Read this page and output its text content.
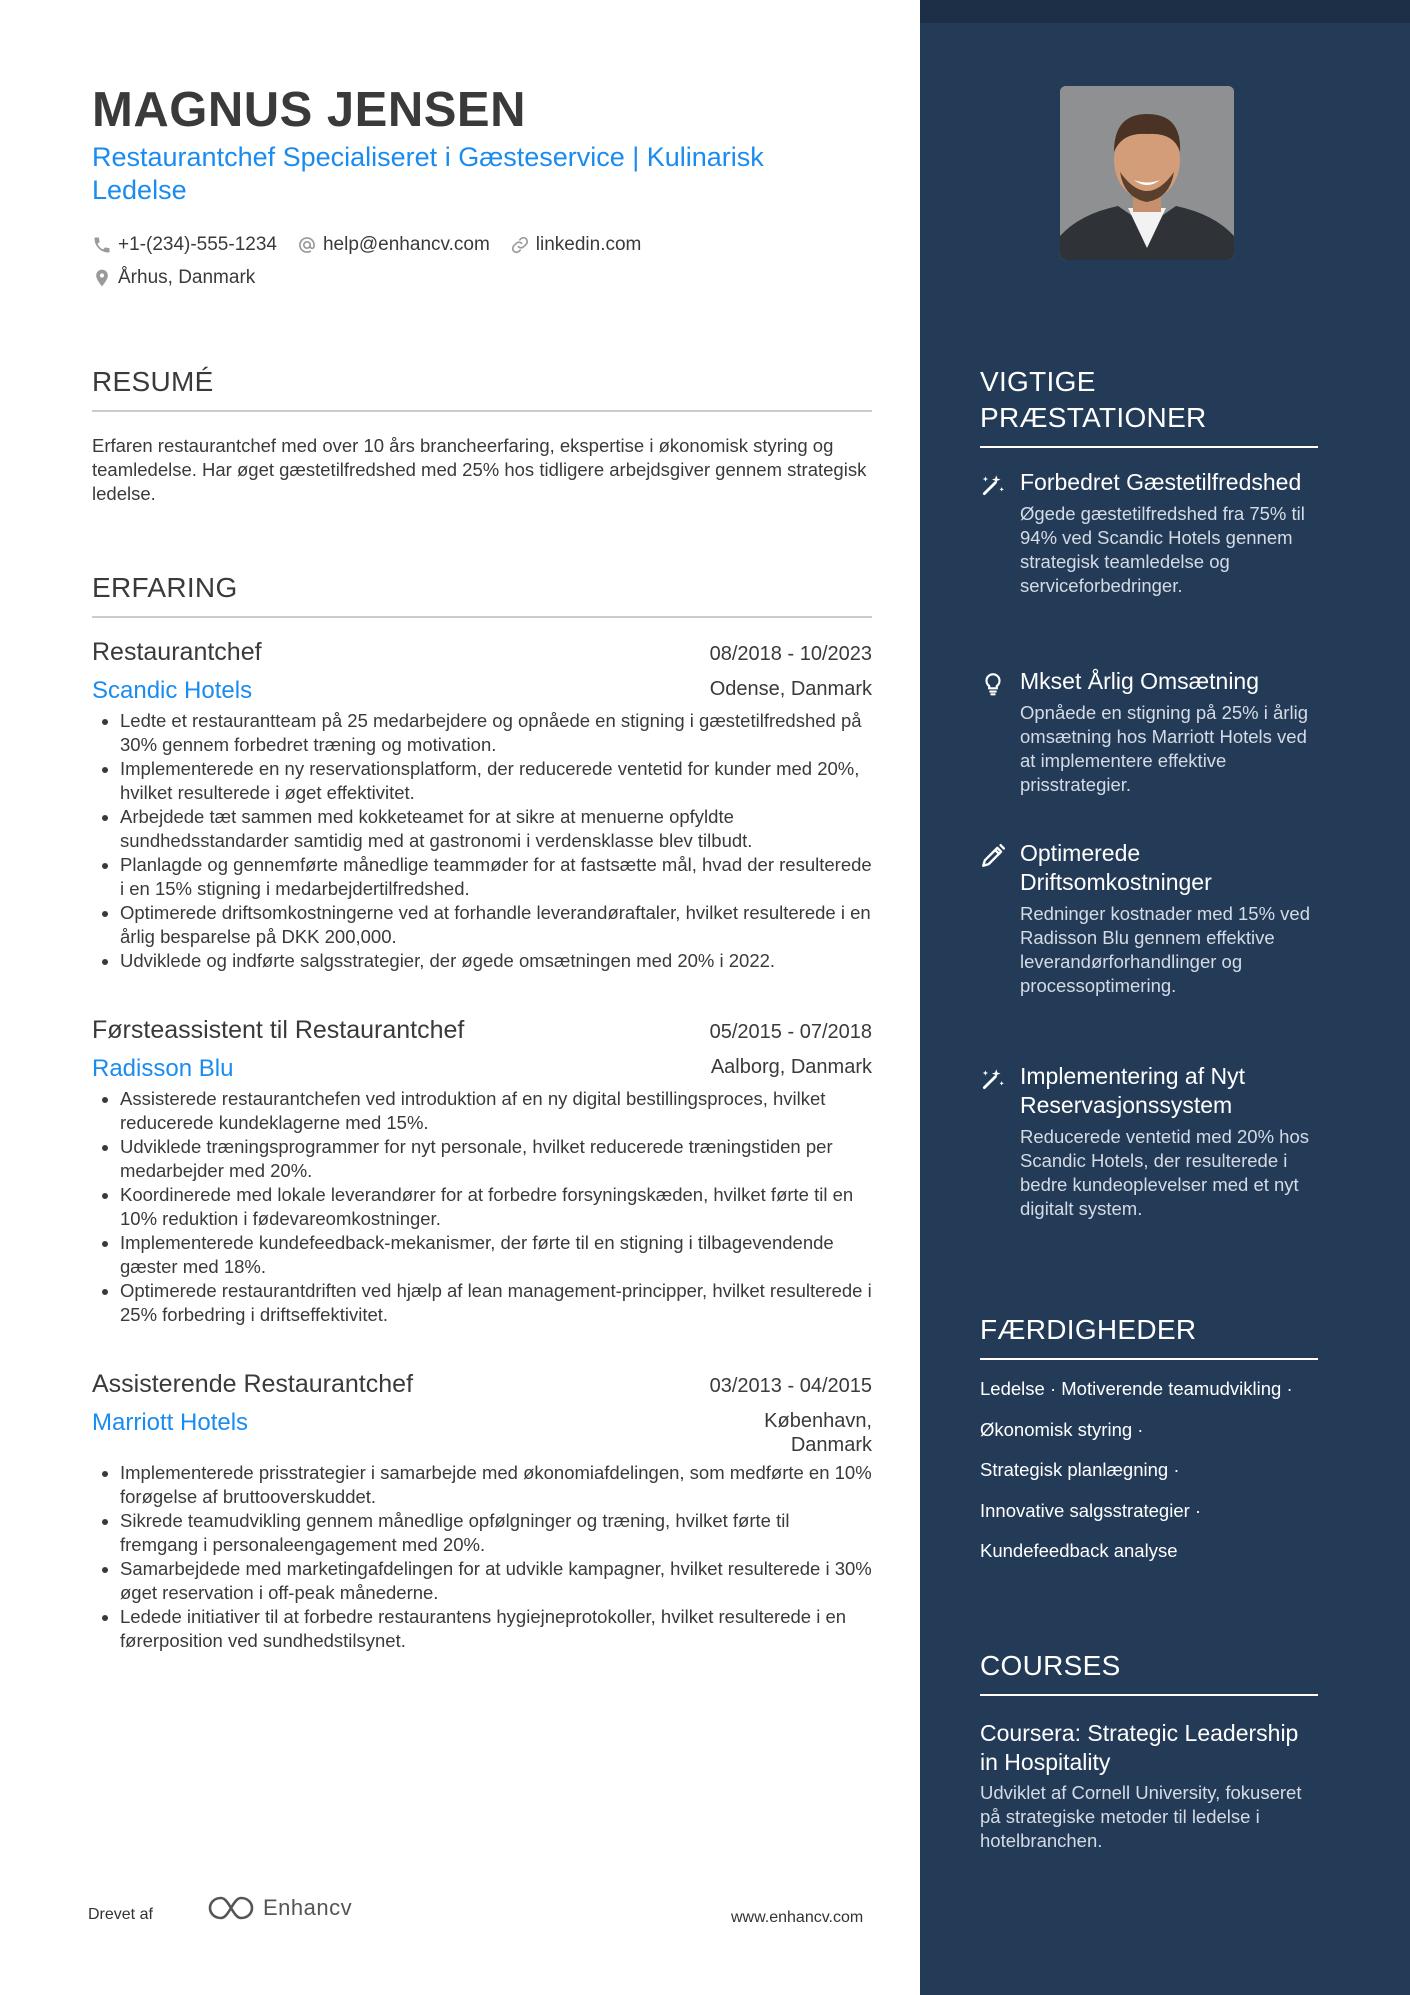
MAGNUS JENSEN
Restaurantchef Specialiseret i Gæsteservice | Kulinarisk Ledelse
+1-(234)-555-1234 help@enhancv.com linkedin.com
Århus, Danmark
RESUMÉ
Erfaren restaurantchef med over 10 års brancheerfaring, ekspertise i økonomisk styring og teamledelse. Har øget gæstetilfredshed med 25% hos tidligere arbejdsgiver gennem strategisk ledelse.
ERFARING
Restaurantchef	08/2018 - 10/2023
Scandic Hotels	Odense, Danmark
• Ledte et restaurantteam på 25 medarbejdere og opnåede en stigning i gæstetilfredshed på 30% gennem forbedret træning og motivation.
• Implementerede en ny reservationsplatform, der reducerede ventetid for kunder med 20%, hvilket resulterede i øget effektivitet.
• Arbejdede tæt sammen med kokketeamet for at sikre at menuerne opfyldte sundhedsstandarder samtidig med at gastronomi i verdensklasse blev tilbudt.
• Planlagde og gennemførte månedlige teammøder for at fastsætte mål, hvad der resulterede i en 15% stigning i medarbejdertilfredshed.
• Optimerede driftsomkostningerne ved at forhandle leverandøraftaler, hvilket resulterede i en årlig besparelse på DKK 200,000.
• Udviklede og indførte salgsstrategier, der øgede omsætningen med 20% i 2022.
Førsteassistent til Restaurantchef	05/2015 - 07/2018
Radisson Blu	Aalborg, Danmark
• Assisterede restaurantchefen ved introduktion af en ny digital bestillingsproces, hvilket reducerede kundeklagerne med 15%.
• Udviklede træningsprogrammer for nyt personale, hvilket reducerede træningstiden per medarbejder med 20%.
• Koordinerede med lokale leverandører for at forbedre forsyningskæden, hvilket førte til en 10% reduktion i fødevareomkostninger.
• Implementerede kundefeedback-mekanismer, der førte til en stigning i tilbagevendende gæster med 18%.
• Optimerede restaurantdriften ved hjælp af lean management-principper, hvilket resulterede i 25% forbedring i driftseffektivitet.
Assisterende Restaurantchef	03/2013 - 04/2015
Marriott Hotels	København, Danmark
• Implementerede prisstrategier i samarbejde med økonomiafdelingen, som medførte en 10% forøgelse af bruttooverskuddet.
• Sikrede teamudvikling gennem månedlige opfølgninger og træning, hvilket førte til fremgang i personaleengagement med 20%.
• Samarbejdede med marketingafdelingen for at udvikle kampagner, hvilket resulterede i 30% øget reservation i off-peak månederne.
• Ledede initiativer til at forbedre restaurantens hygiejneprotokoller, hvilket resulterede i en førerposition ved sundhedstilsynet.
Drevet af	Enhancv	www.enhancv.com
VIGTIGE PRÆSTATIONER
Forbedret Gæstetilfredshed
Øgede gæstetilfredshed fra 75% til 94% ved Scandic Hotels gennem strategisk teamledelse og serviceforbedringer.
Mkset Årlig Omsætning
Opnåede en stigning på 25% i årlig omsætning hos Marriott Hotels ved at implementere effektive prisstrategier.
Optimerede Driftsomkostninger
Redninger kostnader med 15% ved Radisson Blu gennem effektive leverandørforhandlinger og processoptimering.
Implementering af Nyt Reservasjonssystem
Reducerede ventetid med 20% hos Scandic Hotels, der resulterede i bedre kundeoplevelser med et nyt digitalt system.
FÆRDIGHEDER
Ledelse · Motiverende teamudvikling ·
Økonomisk styring ·
Strategisk planlægning ·
Innovative salgsstrategier ·
Kundefeedback analyse
COURSES
Coursera: Strategic Leadership in Hospitality
Udviklet af Cornell University, fokuseret på strategiske metoder til ledelse i hotelbranchen.
